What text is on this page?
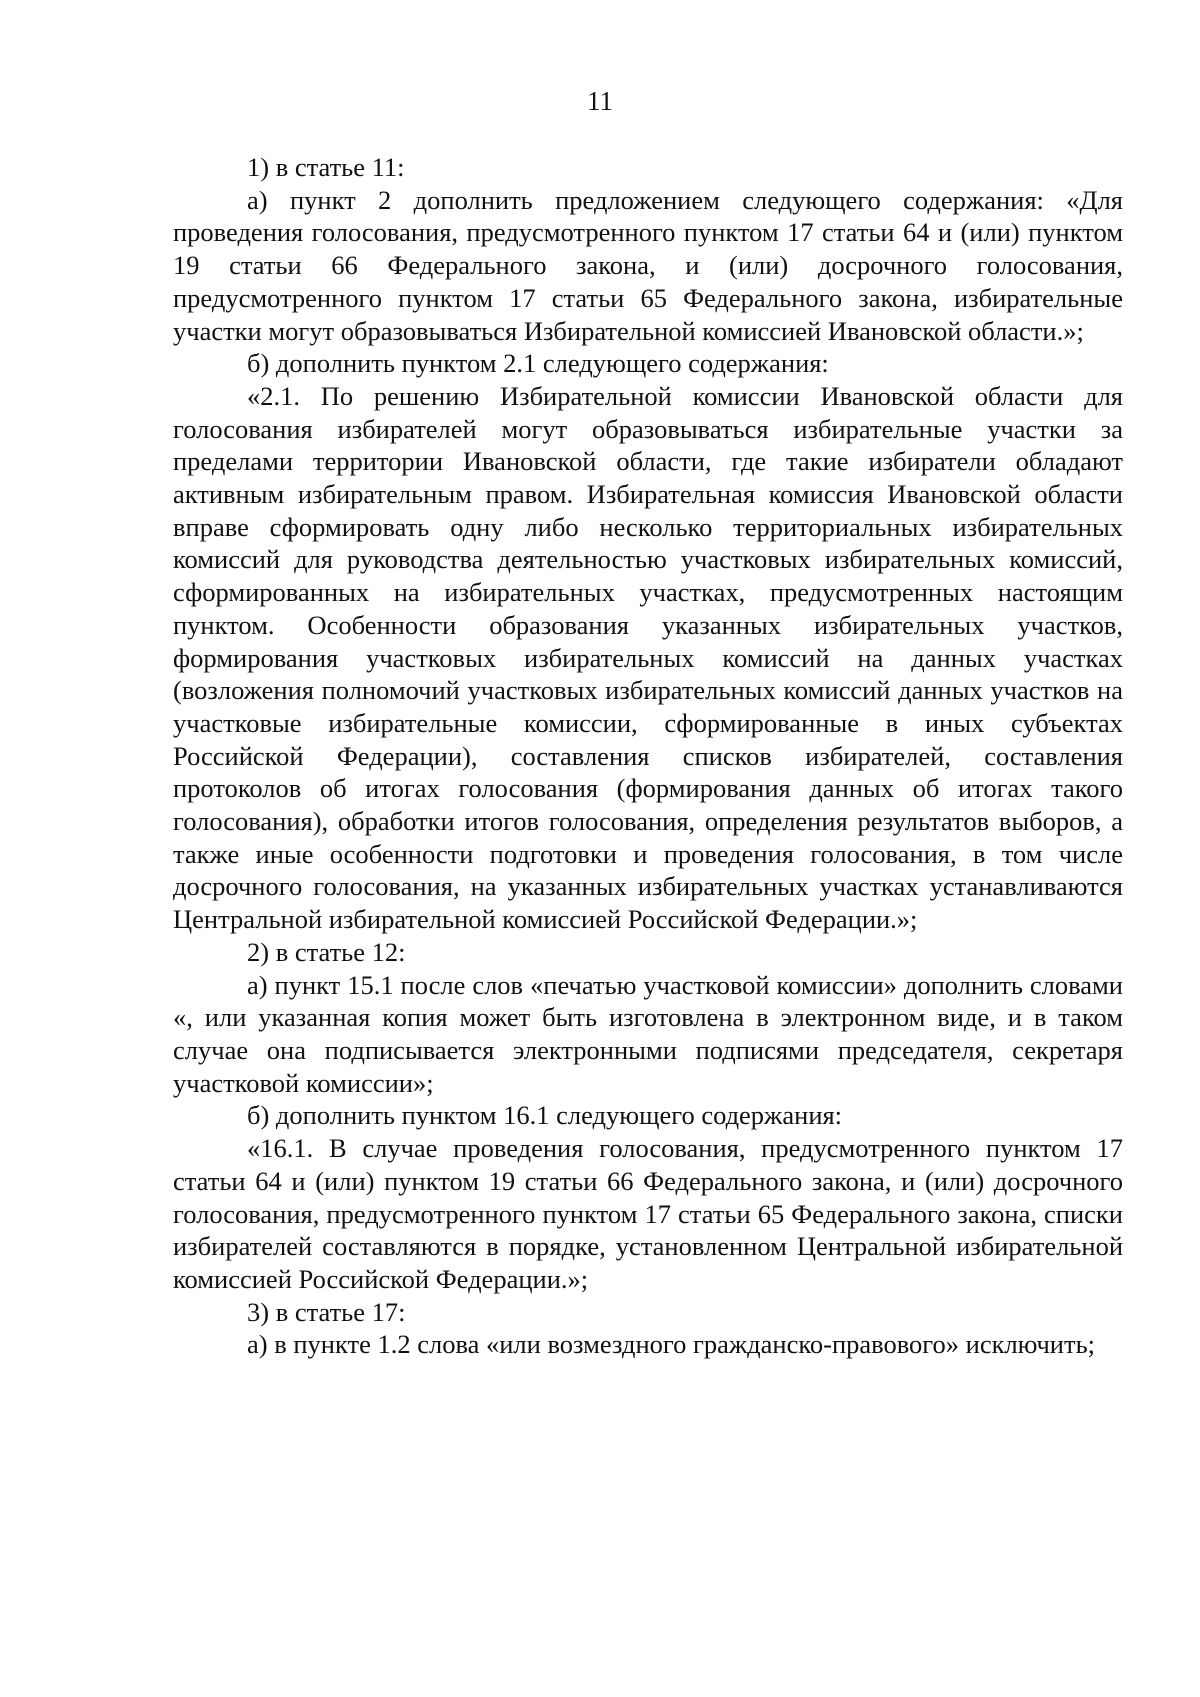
11

1) в статье 11:

а) пункт 2 дополнить предложением следующего содержания: «Для проведения голосования, предусмотренного пунктом 17 статьи 64 и (или) пунктом 19 статьи 66 Федерального закона, и (или) досрочного голосования, предусмотренного пунктом 17 статьи 65 Федерального закона, избирательные участки могут образовываться Избирательной комиссией Ивановской области.»;

б) дополнить пунктом 2.1 следующего содержания:

«2.1. По решению Избирательной комиссии Ивановской области для голосования избирателей могут образовываться избирательные участки за пределами территории Ивановской области, где такие избиратели обладают активным избирательным правом. Избирательная комиссия Ивановской области вправе сформировать одну либо несколько территориальных избирательных комиссий для руководства деятельностью участковых избирательных комиссий, сформированных на избирательных участках, предусмотренных настоящим пунктом. Особенности образования указанных избирательных участков, формирования участковых избирательных комиссий на данных участках (возложения полномочий участковых избирательных комиссий данных участков на участковые избирательные комиссии, сформированные в иных субъектах Российской Федерации), составления списков избирателей, составления протоколов об итогах голосования (формирования данных об итогах такого голосования), обработки итогов голосования, определения результатов выборов, а также иные особенности подготовки и проведения голосования, в том числе досрочного голосования, на указанных избирательных участках устанавливаются Центральной избирательной комиссией Российской Федерации.»;

2) в статье 12:

а) пункт 15.1 после слов «печатью участковой комиссии» дополнить словами «, или указанная копия может быть изготовлена в электронном виде, и в таком случае она подписывается электронными подписями председателя, секретаря участковой комиссии»;

б) дополнить пунктом 16.1 следующего содержания:

«16.1. В случае проведения голосования, предусмотренного пунктом 17 статьи 64 и (или) пунктом 19 статьи 66 Федерального закона, и (или) досрочного голосования, предусмотренного пунктом 17 статьи 65 Федерального закона, списки избирателей составляются в порядке, установленном Центральной избирательной комиссией Российской Федерации.»;

3) в статье 17:

а) в пункте 1.2 слова «или возмездного гражданско-правового» исключить;
